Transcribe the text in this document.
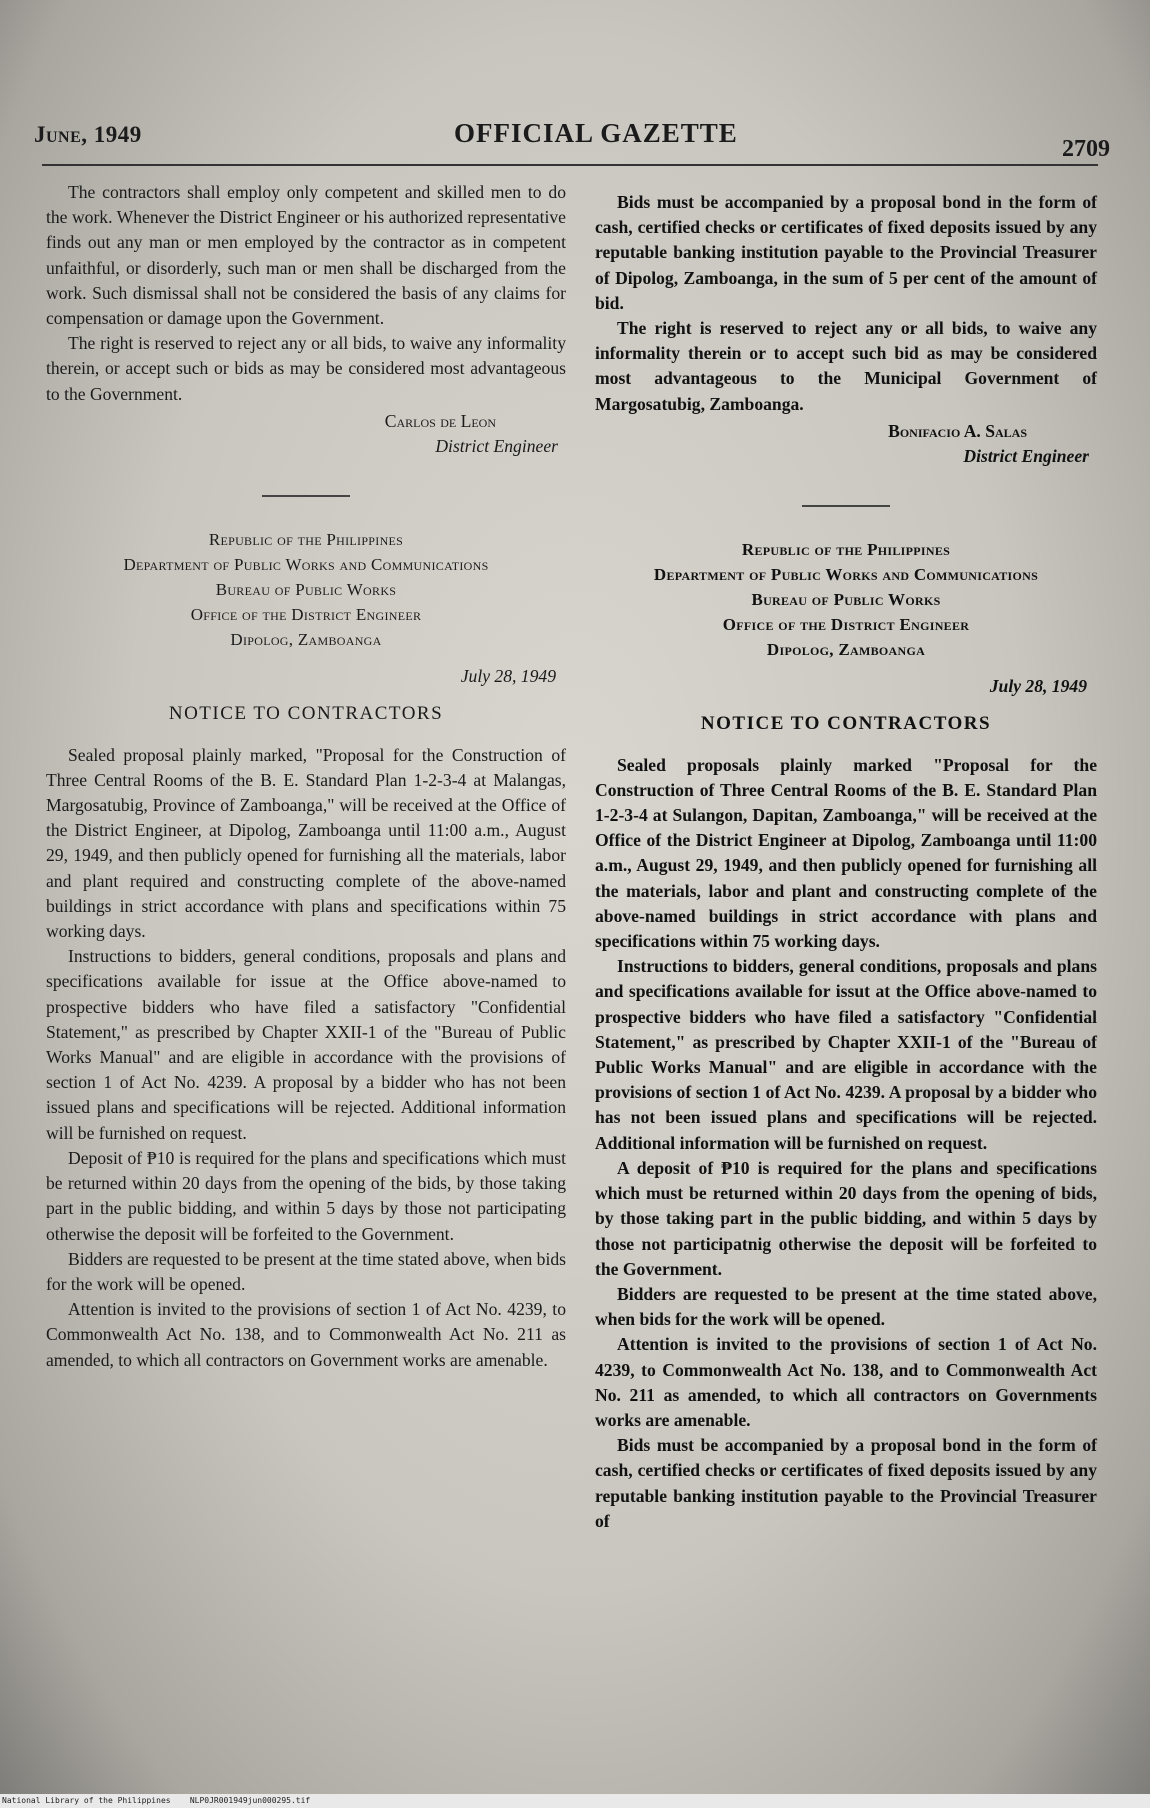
June, 1949	OFFICIAL GAZETTE
2709

The contractors shall employ only competent and skilled men to do the work. Whenever the District Engineer or his authorized representative finds out any man or men employed by the contractor as in competent unfaithful, or disorderly, such man or men shall be discharged from the work. Such dismissal shall not be considered the basis of any claims for compensation or damage upon the Government.

The right is reserved to reject any or all bids, to waive any informality therein, or accept such or bids as may be considered most advantageous to the Government.

Carlos de Leon
District Engineer
Republic of the Philippines
Department of Public Works and Communications
Bureau of Public Works
Office of the District Engineer
Dipolog, Zamboanga
July 28, 1949
NOTICE TO CONTRACTORS

Sealed proposal plainly marked, "Proposal for the Construction of Three Central Rooms of the B. E. Standard Plan 1-2-3-4 at Malangas, Margosatubig, Province of Zamboanga," will be received at the Office of the District Engineer, at Dipolog, Zamboanga until 11:00 a.m., August 29, 1949, and then publicly opened for furnishing all the materials, labor and plant required and constructing complete of the above-named buildings in strict accordance with plans and specifications within 75 working days.

Instructions to bidders, general conditions, proposals and plans and specifications available for issue at the Office above-named to prospective bidders who have filed a satisfactory "Confidential Statement," as prescribed by Chapter XXII-1 of the "Bureau of Public Works Manual" and are eligible in accordance with the provisions of section 1 of Act No. 4239. A proposal by a bidder who has not been issued plans and specifications will be rejected. Additional information will be furnished on request.

Deposit of ₱10 is required for the plans and specifications which must be returned within 20 days from the opening of the bids, by those taking part in the public bidding, and within 5 days by those not participating otherwise the deposit will be forfeited to the Government.

Bidders are requested to be present at the time stated above, when bids for the work will be opened.

Attention is invited to the provisions of section 1 of Act No. 4239, to Commonwealth Act No. 138, and to Commonwealth Act No. 211 as amended, to which all contractors on Government works are amenable.

Bids must be accompanied by a proposal bond in the form of cash, certified checks or certificates of fixed deposits issued by any reputable banking institution payable to the Provincial Treasurer of Dipolog, Zamboanga, in the sum of 5 per cent of the amount of bid.

The right is reserved to reject any or all bids, to waive any informality therein or to accept such bid as may be considered most advantageous to the Municipal Government of Margosatubig, Zamboanga.

Bonifacio A. Salas
District Engineer
Republic of the Philippines
Department of Public Works and Communications
Bureau of Public Works
Office of the District Engineer
Dipolog, Zamboanga
July 28, 1949
NOTICE TO CONTRACTORS

Sealed proposals plainly marked "Proposal for the Construction of Three Central Rooms of the B. E. Standard Plan 1-2-3-4 at Sulangon, Dapitan, Zamboanga," will be received at the Office of the District Engineer at Dipolog, Zamboanga until 11:00 a.m., August 29, 1949, and then publicly opened for furnishing all the materials, labor and plant and constructing complete of the above-named buildings in strict accordance with plans and specifications within 75 working days.

Instructions to bidders, general conditions, proposals and plans and specifications available for issut at the Office above-named to prospective bidders who have filed a satisfactory "Confidential Statement," as prescribed by Chapter XXII-1 of the "Bureau of Public Works Manual" and are eligible in accordance with the provisions of section 1 of Act No. 4239. A proposal by a bidder who has not been issued plans and specifications will be rejected. Additional information will be furnished on request.

A deposit of ₱10 is required for the plans and specifications which must be returned within 20 days from the opening of bids, by those taking part in the public bidding, and within 5 days by those not participatnig otherwise the deposit will be forfeited to the Government.

Bidders are requested to be present at the time stated above, when bids for the work will be opened.

Attention is invited to the provisions of section 1 of Act No. 4239, to Commonwealth Act No. 138, and to Commonwealth Act No. 211 as amended, to which all contractors on Governments works are amenable.

Bids must be accompanied by a proposal bond in the form of cash, certified checks or certificates of fixed deposits issued by any reputable banking institution payable to the Provincial Treasurer of

National Library of the Philippines    NLP0JR001949jun000295.tif
